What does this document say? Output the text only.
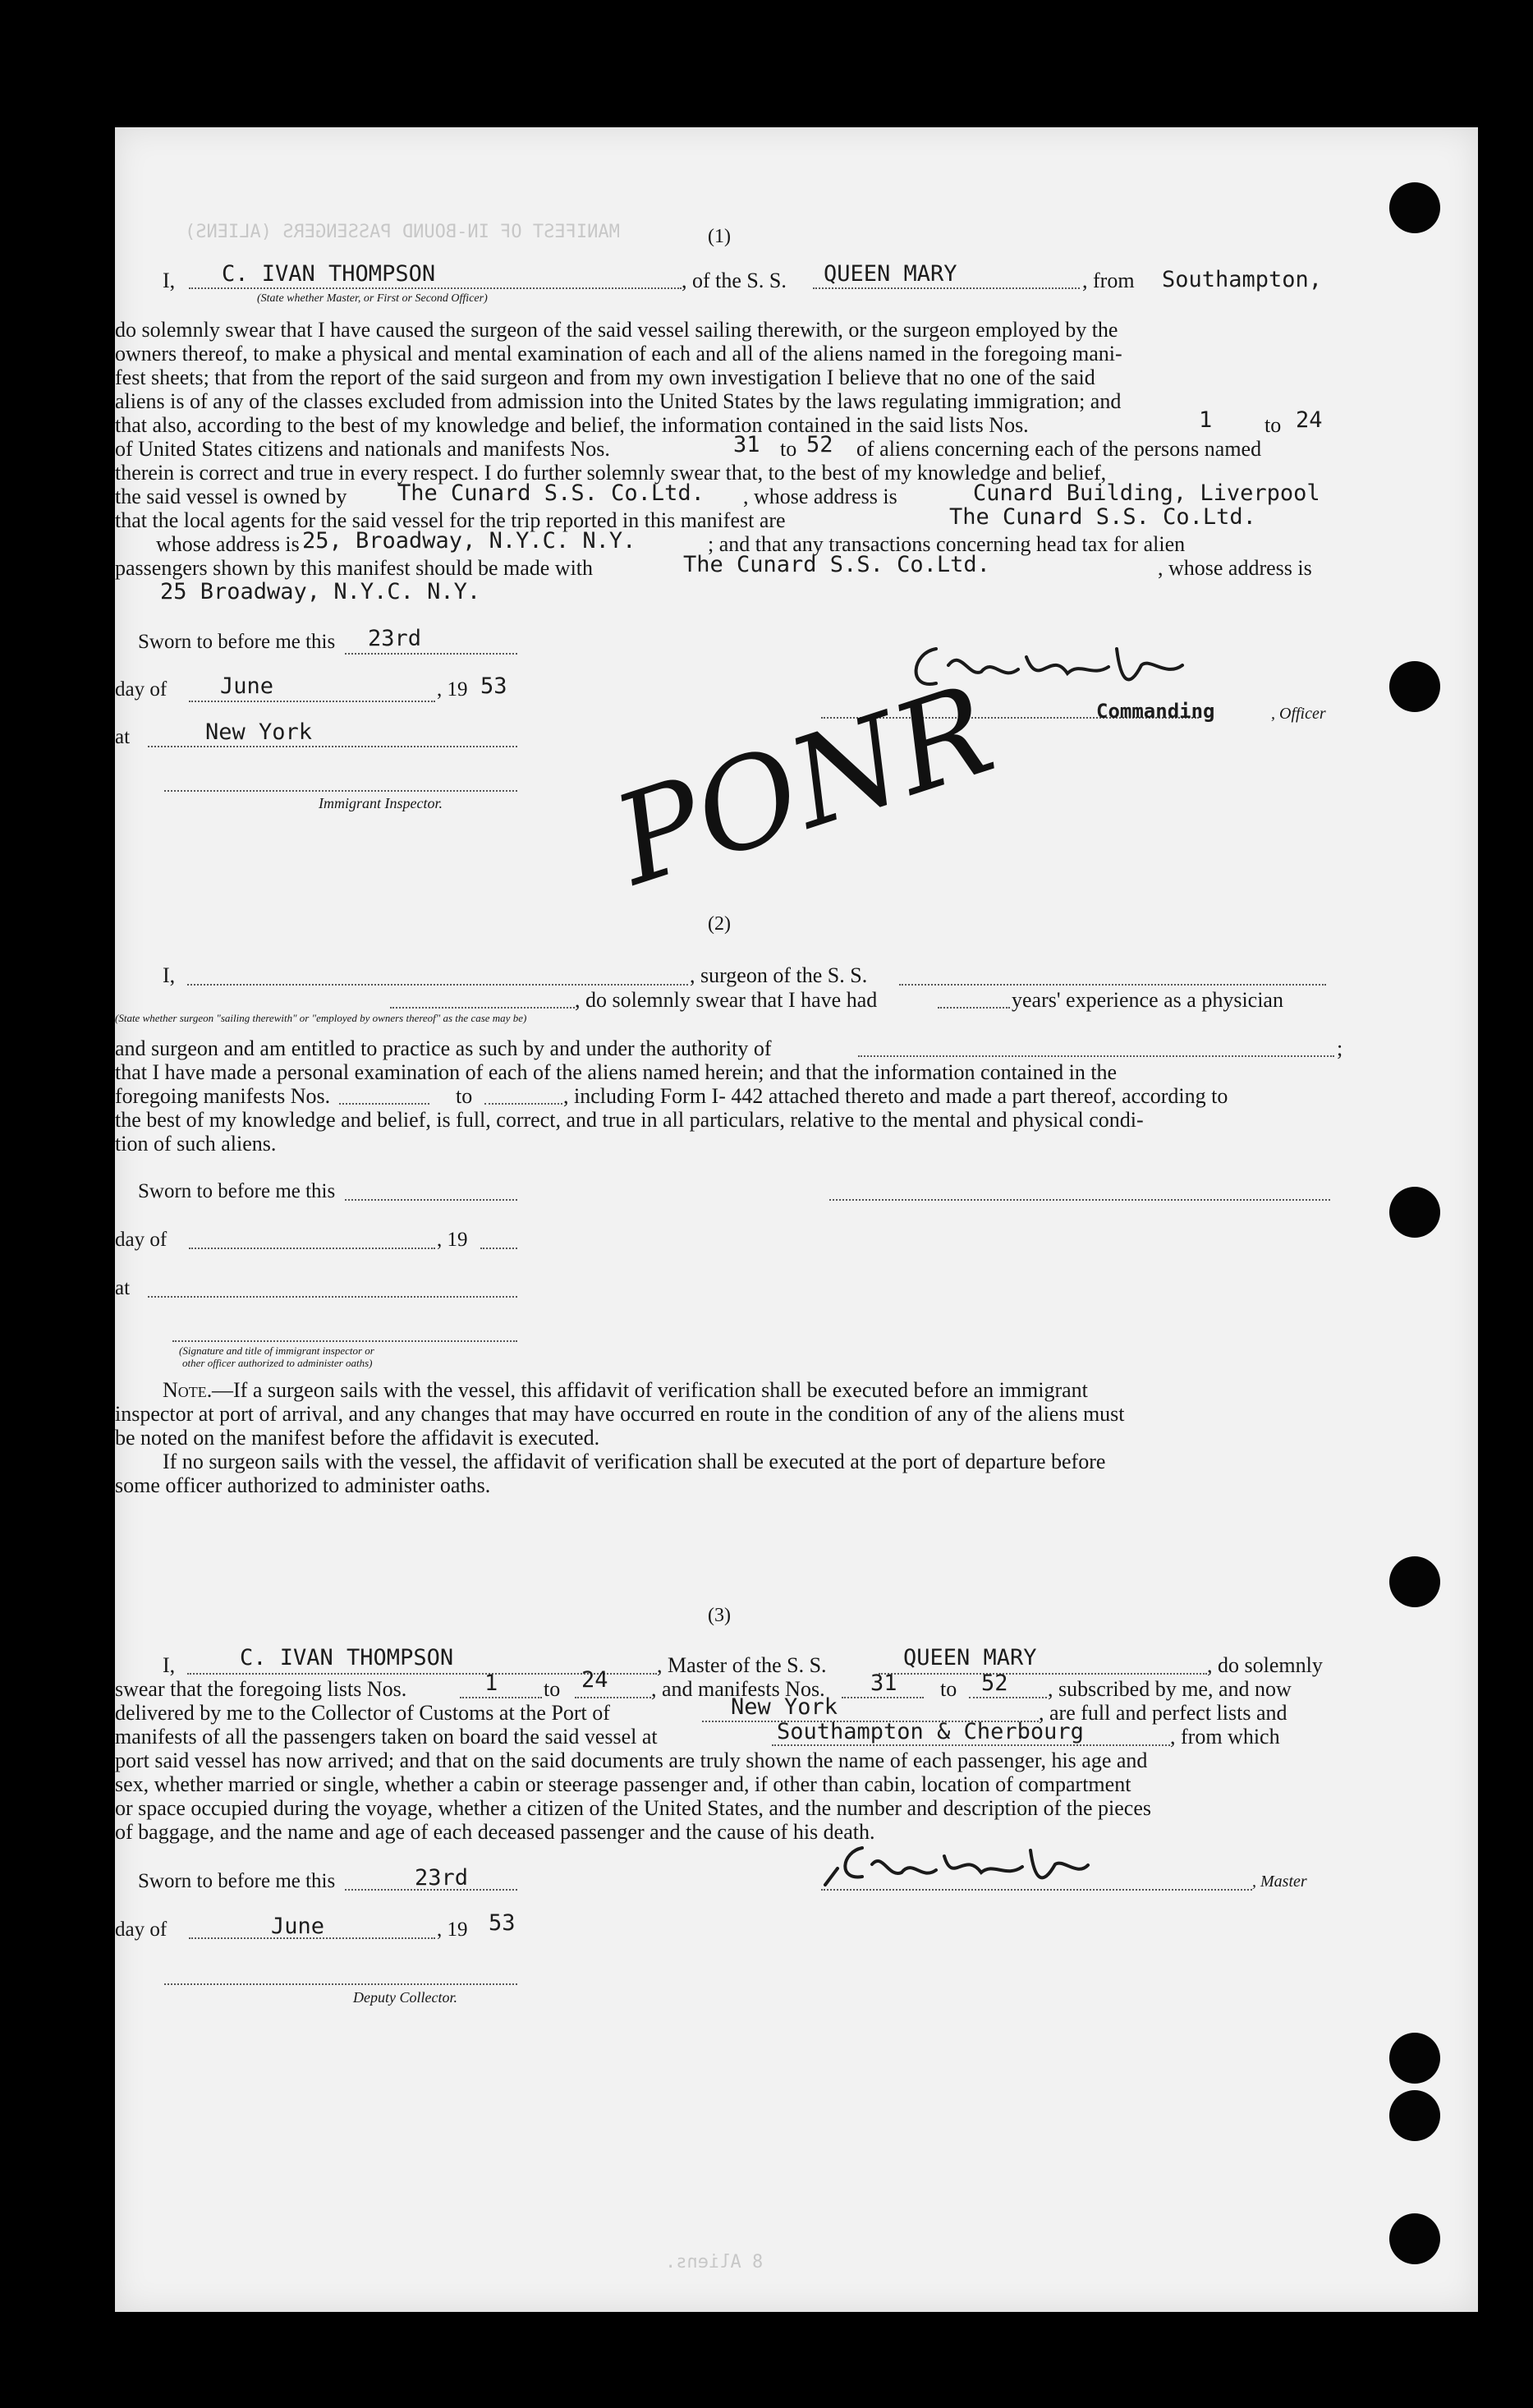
MANIFEST OF IN-BOUND PASSENGERS (ALIENS)
8 Aliens.
(1)
I, C. IVAN THOMPSON	, of the S. S. QUEEN MARY	, from Southampton,
(State whether Master, or First or Second Officer)
do solemnly swear that I have caused the surgeon of the said vessel sailing therewith, or the surgeon employed by the
owners thereof, to make a physical and mental examination of each and all of the aliens named in the foregoing mani-
fest sheets; that from the report of the said surgeon and from my own investigation I believe that no one of the said
aliens is of any of the classes excluded from admission into the United States by the laws regulating immigration; and
that also, according to the best of my knowledge and belief, the information contained in the said lists Nos.	1 to 24
of United States citizens and nationals and manifests Nos.	31 to 52 of aliens concerning each of the persons named
therein is correct and true in every respect. I do further solemnly swear that, to the best of my knowledge and belief,
the said vessel is owned by The Cunard S.S. Co.Ltd. , whose address is	Cunard Building, Liverpool
that the local agents for the said vessel for the trip reported in this manifest are	The Cunard S.S. Co.Ltd.
whose address is 25, Broadway, N.Y.C. N.Y.	; and that any transactions concerning head tax for alien
passengers shown by this manifest should be made with	The Cunard S.S. Co.Ltd.	, whose address is
25 Broadway, N.Y.C. N.Y.
Sworn to before me this 23rd
day of June	, 19 53
at	New York
Immigrant Inspector.
Commanding	, Officer
PONR
(2)
I,	, surgeon of the S. S.
(State whether surgeon "sailing therewith" or "employed by owners thereof" as the case may be)
, do solemnly swear that I have had	years' experience as a physician
and surgeon and am entitled to practice as such by and under the authority of	;
that I have made a personal examination of each of the aliens named herein; and that the information contained in the
foregoing manifests Nos.	to	, including Form I- 442 attached thereto and made a part thereof, according to
the best of my knowledge and belief, is full, correct, and true in all particulars, relative to the mental and physical condi-
tion of such aliens.
Sworn to before me this
day of	, 19
at
(Signature and title of immigrant inspector or
other officer authorized to administer oaths)
Note. —If a surgeon sails with the vessel, this affidavit of verification shall be executed before an immigrant
inspector at port of arrival, and any changes that may have occurred en route in the condition of any of the aliens must
be noted on the manifest before the affidavit is executed.
If no surgeon sails with the vessel, the affidavit of verification shall be executed at the port of departure before
some officer authorized to administer oaths.
(3)
I,	C. IVAN THOMPSON	, Master of the S. S.	QUEEN MARY	, do solemnly
swear that the foregoing lists Nos.	1 to 24 , and manifests Nos. 31 to 52 , subscribed by me, and now
delivered by me to the Collector of Customs at the Port of	New York	, are full and perfect lists and
manifests of all the passengers taken on board the said vessel at	Southampton & Cherbourg	, from which
port said vessel has now arrived; and that on the said documents are truly shown the name of each passenger, his age and
sex, whether married or single, whether a cabin or steerage passenger and, if other than cabin, location of compartment
or space occupied during the voyage, whether a citizen of the United States, and the number and description of the pieces
of baggage, and the name and age of each deceased passenger and the cause of his death.
Sworn to before me this	23rd	, Master
day of	June	, 19 53
Deputy Collector.
